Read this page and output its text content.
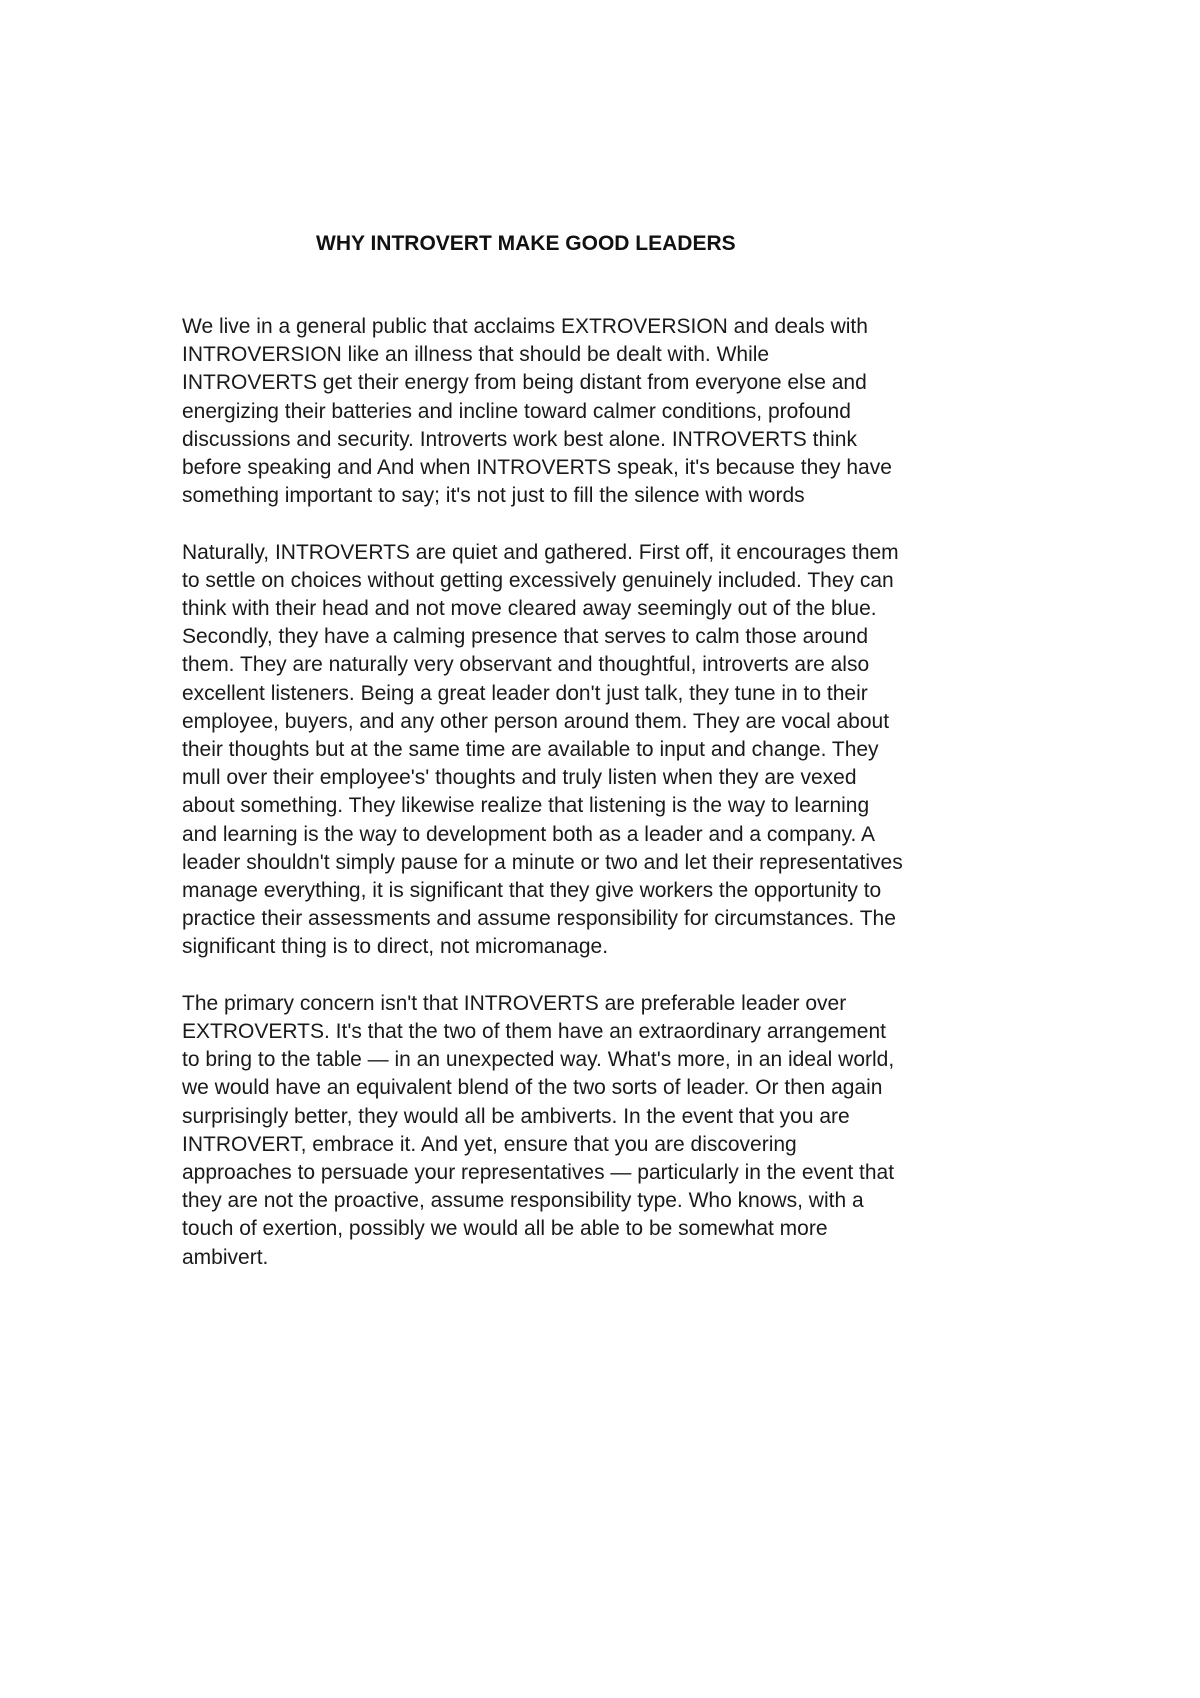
WHY INTROVERT MAKE GOOD LEADERS
We live in a general public that acclaims EXTROVERSION and deals with
INTROVERSION like an illness that should be dealt with. While
INTROVERTS get their energy from being distant from everyone else and
energizing their batteries and incline toward calmer conditions, profound
discussions and security. Introverts work best alone. INTROVERTS think
before speaking and And when INTROVERTS speak, it's because they have
something important to say; it's not just to fill the silence with words
Naturally, INTROVERTS are quiet and gathered. First off, it encourages them
to settle on choices without getting excessively genuinely included. They can
think with their head and not move cleared away seemingly out of the blue.
Secondly, they have a calming presence that serves to calm those around
them. They are naturally very observant and thoughtful, introverts are also
excellent listeners. Being a great leader don't just talk, they tune in to their
employee, buyers, and any other person around them. They are vocal about
their thoughts but at the same time are available to input and change. They
mull over their employee's' thoughts and truly listen when they are vexed
about something. They likewise realize that listening is the way to learning
and learning is the way to development both as a leader and a company. A
leader shouldn't simply pause for a minute or two and let their representatives
manage everything, it is significant that they give workers the opportunity to
practice their assessments and assume responsibility for circumstances. The
significant thing is to direct, not micromanage.
The primary concern isn't that INTROVERTS are preferable leader over
EXTROVERTS. It's that the two of them have an extraordinary arrangement
to bring to the table — in an unexpected way. What's more, in an ideal world,
we would have an equivalent blend of the two sorts of leader. Or then again
surprisingly better, they would all be ambiverts. In the event that you are
INTROVERT, embrace it. And yet, ensure that you are discovering
approaches to persuade your representatives — particularly in the event that
they are not the proactive, assume responsibility type. Who knows, with a
touch of exertion, possibly we would all be able to be somewhat more
ambivert.
